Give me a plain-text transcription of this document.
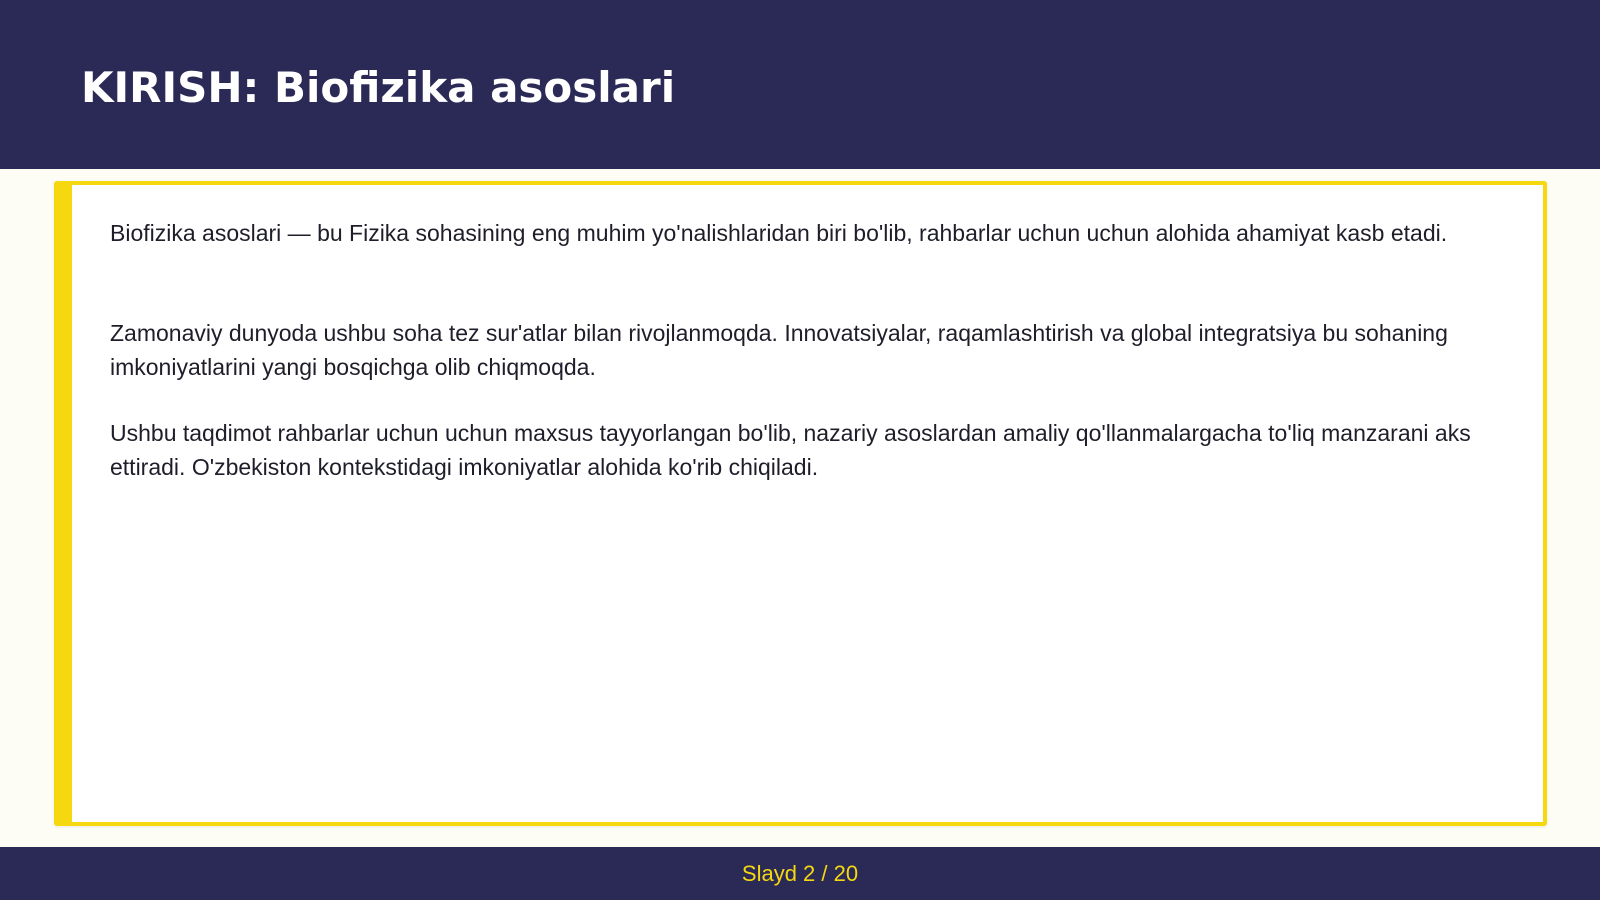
KIRISH: Biofizika asoslari

Biofizika asoslari — bu Fizika sohasining eng muhim yo'nalishlaridan biri bo'lib, rahbarlar uchun uchun alohida ahamiyat kasb etadi.

Zamonaviy dunyoda ushbu soha tez sur'atlar bilan rivojlanmoqda. Innovatsiyalar, raqamlashtirish va global integratsiya bu sohaning imkoniyatlarini yangi bosqichga olib chiqmoqda.

Ushbu taqdimot rahbarlar uchun uchun maxsus tayyorlangan bo'lib, nazariy asoslardan amaliy qo'llanmalargacha to'liq manzarani aks ettiradi. O'zbekiston kontekstidagi imkoniyatlar alohida ko'rib chiqiladi.

Slayd 2 / 20
